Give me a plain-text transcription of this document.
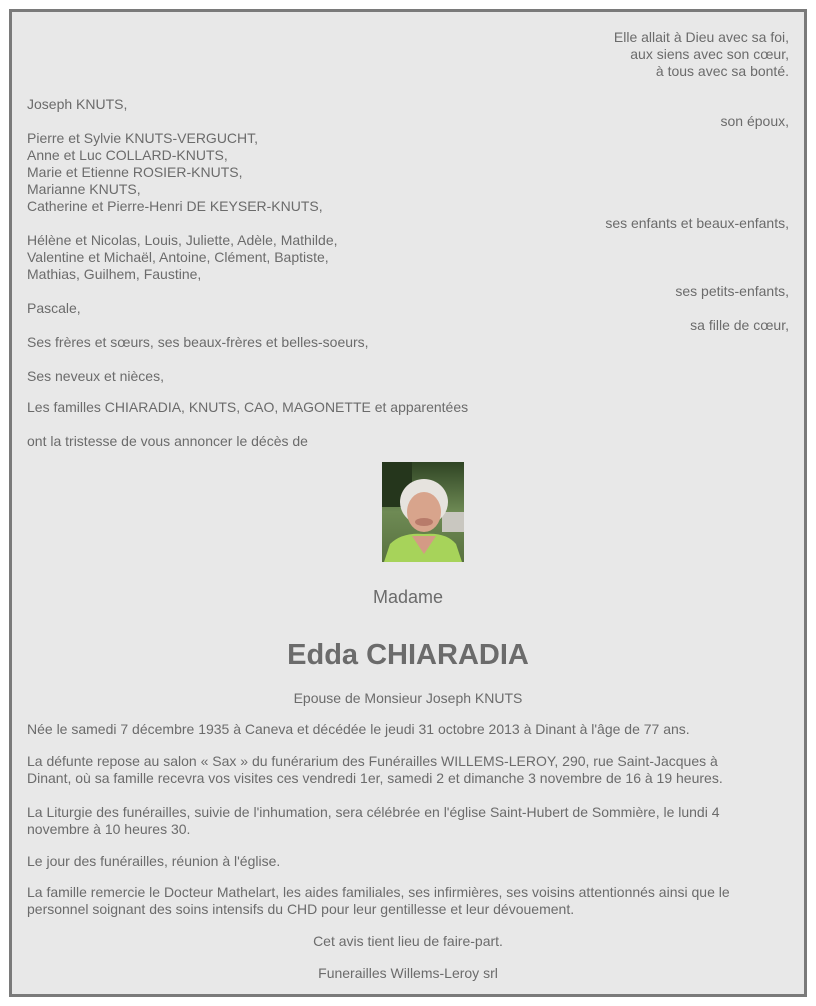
Elle allait à Dieu avec sa foi,
aux siens avec son cœur,
à tous avec sa bonté.
Joseph KNUTS,
son époux,
Pierre et Sylvie KNUTS-VERGUCHT,
Anne et Luc COLLARD-KNUTS,
Marie et Etienne ROSIER-KNUTS,
Marianne KNUTS,
Catherine et Pierre-Henri DE KEYSER-KNUTS,
ses enfants et beaux-enfants,
Hélène et Nicolas, Louis, Juliette, Adèle, Mathilde,
Valentine et Michaël, Antoine, Clément, Baptiste,
Mathias, Guilhem, Faustine,
ses petits-enfants,
Pascale,
sa fille de cœur,
Ses frères et sœurs, ses beaux-frères et belles-soeurs,
Ses neveux et nièces,
Les familles CHIARADIA, KNUTS, CAO, MAGONETTE et apparentées
ont la tristesse de vous annoncer le décès de
Madame
Edda CHIARADIA
Epouse de Monsieur Joseph KNUTS
Née le samedi 7 décembre 1935 à Caneva et décédée le jeudi 31 octobre 2013 à Dinant à l'âge de 77 ans.
La défunte repose au salon « Sax » du funérarium des Funérailles WILLEMS-LEROY, 290, rue Saint-Jacques à
Dinant, où sa famille recevra vos visites ces vendredi 1er, samedi 2 et dimanche 3 novembre de 16 à 19 heures.
La Liturgie des funérailles, suivie de l'inhumation, sera célébrée en l'église Saint-Hubert de Sommière, le lundi 4
novembre à 10 heures 30.
Le jour des funérailles, réunion à l'église.
La famille remercie le Docteur Mathelart, les aides familiales, ses infirmières, ses voisins attentionnés ainsi que le
personnel soignant des soins intensifs du CHD pour leur gentillesse et leur dévouement.
Cet avis tient lieu de faire-part.
Funerailles Willems-Leroy srl
